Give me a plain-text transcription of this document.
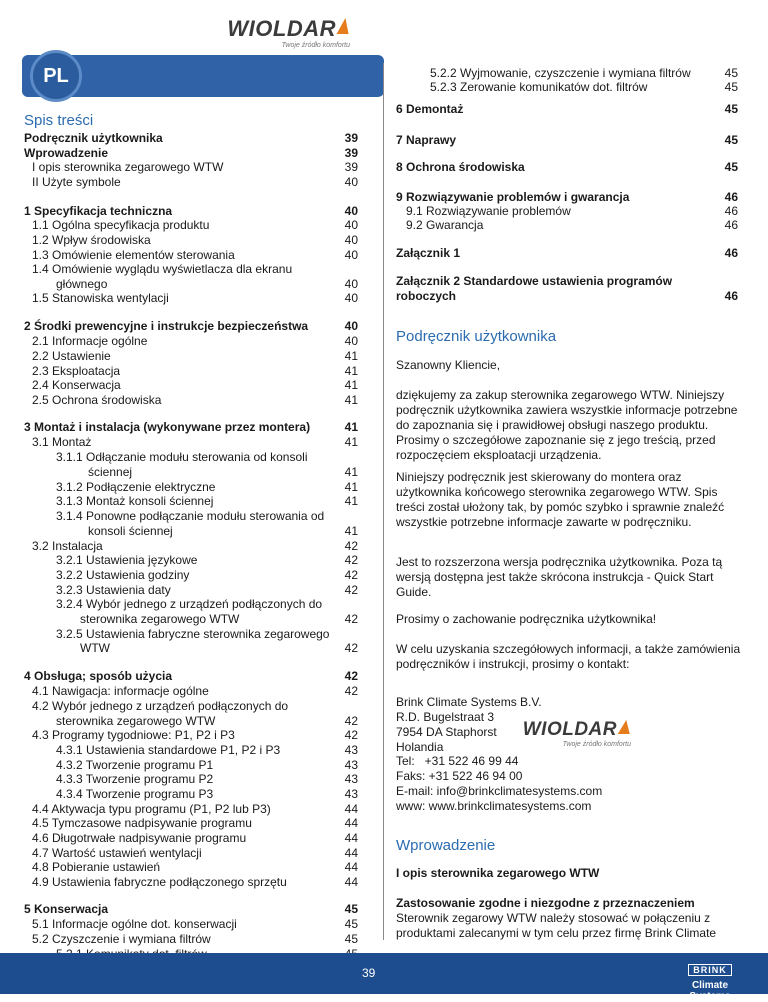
WIOLDAR
Twoje źródło komfortu
PL
Spis treści
Podręcznik użytkownika	39
Wprowadzenie	39
I opis sterownika zegarowego WTW	39
II Użyte symbole	40
1 Specyfikacja techniczna	40
1.1 Ogólna specyfikacja produktu	40
1.2 Wpływ środowiska	40
1.3 Omówienie elementów sterowania	40
1.4 Omówienie wyglądu wyświetlacza dla ekranu
głównego	40
1.5 Stanowiska wentylacji	40
2 Środki prewencyjne i instrukcje bezpieczeństwa	40
2.1 Informacje ogólne	40
2.2 Ustawienie	41
2.3 Eksploatacja	41
2.4 Konserwacja	41
2.5 Ochrona środowiska	41
3 Montaż i instalacja (wykonywane przez montera)	41
3.1 Montaż	41
3.1.1 Odłączanie modułu sterowania od konsoli
ściennej	41
3.1.2 Podłączenie elektryczne	41
3.1.3 Montaż konsoli ściennej	41
3.1.4 Ponowne podłączanie modułu sterowania od
konsoli ściennej	41
3.2 Instalacja	42
3.2.1 Ustawienia językowe	42
3.2.2 Ustawienia godziny	42
3.2.3 Ustawienia daty	42
3.2.4 Wybór jednego z urządzeń podłączonych do
sterownika zegarowego WTW	42
3.2.5 Ustawienia fabryczne sterownika zegarowego
WTW	42
4 Obsługa; sposób użycia	42
4.1 Nawigacja: informacje ogólne	42
4.2 Wybór jednego z urządzeń podłączonych do
sterownika zegarowego WTW	42
4.3 Programy tygodniowe: P1, P2 i P3	42
4.3.1 Ustawienia standardowe P1, P2 i P3	43
4.3.2 Tworzenie programu P1	43
4.3.3 Tworzenie programu P2	43
4.3.4 Tworzenie programu P3	43
4.4 Aktywacja typu programu (P1, P2 lub P3)	44
4.5 Tymczasowe nadpisywanie programu	44
4.6 Długotrwałe nadpisywanie programu	44
4.7 Wartość ustawień wentylacji	44
4.8 Pobieranie ustawień	44
4.9 Ustawienia fabryczne podłączonego sprzętu	44
5 Konserwacja	45
5.1 Informacje ogólne dot. konserwacji	45
5.2 Czyszczenie i wymiana filtrów	45
5.2.2 Wyjmowanie, czyszczenie i wymiana filtrów	45
5.2.3 Zerowanie komunikatów dot. filtrów	45
6 Demontaż	45
7 Naprawy	45
8 Ochrona środowiska	45
9 Rozwiązywanie problemów i gwarancja	46
9.1 Rozwiązywanie problemów	46
9.2 Gwarancja	46
Załącznik 1	46
Załącznik 2 Standardowe ustawienia programów
roboczych	46
Podręcznik użytkownika
Szanowny Kliencie,
dziękujemy za zakup sterownika zegarowego WTW. Niniejszy podręcznik użytkownika zawiera wszystkie informacje potrzebne do zapoznania się i prawidłowej obsługi naszego produktu. Prosimy o szczegółowe zapoznanie się z jego treścią, przed rozpoczęciem eksploatacji urządzenia.
Niniejszy podręcznik jest skierowany do montera oraz użytkownika końcowego sterownika zegarowego WTW. Spis treści został ułożony tak, by pomóc szybko i sprawnie znaleźć wszystkie potrzebne informacje zawarte w podręczniku.
Jest to rozszerzona wersja podręcznika użytkownika. Poza tą wersją dostępna jest także skrócona instrukcja - Quick Start Guide.
Prosimy o zachowanie podręcznika użytkownika!
W celu uzyskania szczegółowych informacji, a także zamówienia podręczników i instrukcji, prosimy o kontakt:
Brink Climate Systems B.V.
R.D. Bugelstraat 3
7954 DA Staphorst
Holandia
WIOLDAR
Twoje źródło komfortu
Tel:   +31 522 46 99 44
Faks: +31 522 46 94 00
E-mail: info@brinkclimatesystems.com
www: www.brinkclimatesystems.com
Wprowadzenie
I opis sterownika zegarowego WTW
Zastosowanie zgodne i niezgodne z przeznaczeniem
Sterownik zegarowy WTW należy stosować w połączeniu z produktami zalecanymi w tym celu przez firmę Brink Climate
39	BRINK
Climate Systems
